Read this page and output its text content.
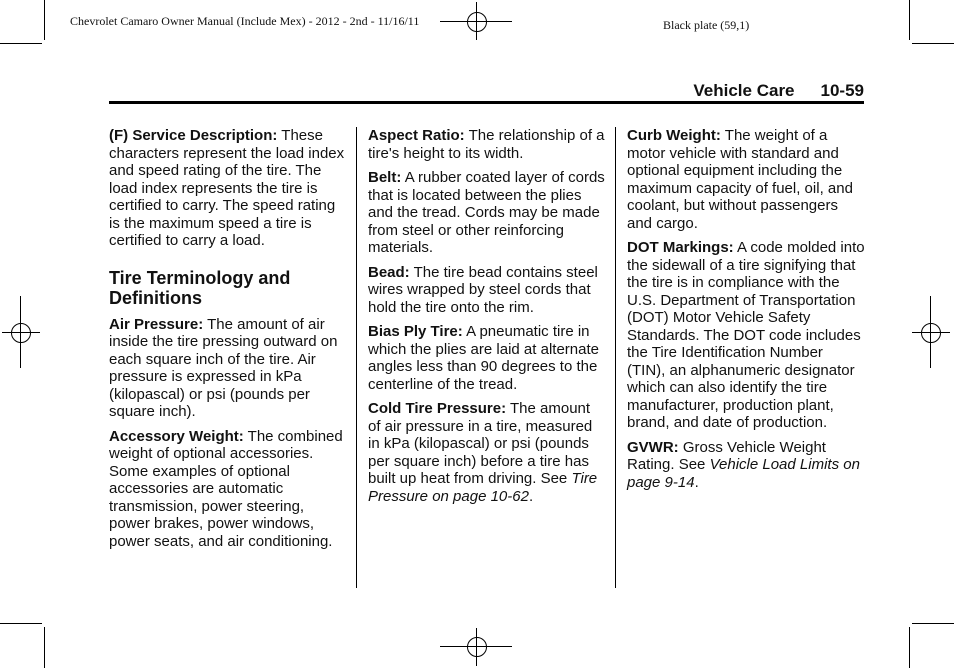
Chevrolet Camaro Owner Manual (Include Mex) - 2012 - 2nd - 11/16/11	Black plate (59,1)
Vehicle Care 10-59

(F) Service Description: These characters represent the load index and speed rating of the tire. The load index represents the tire is certified to carry. The speed rating is the maximum speed a tire is certified to carry a load.

Tire Terminology and Definitions

Air Pressure: The amount of air inside the tire pressing outward on each square inch of the tire. Air pressure is expressed in kPa (kilopascal) or psi (pounds per square inch).

Accessory Weight: The combined weight of optional accessories. Some examples of optional accessories are automatic transmission, power steering, power brakes, power windows, power seats, and air conditioning.

Aspect Ratio: The relationship of a tire's height to its width.

Belt: A rubber coated layer of cords that is located between the plies and the tread. Cords may be made from steel or other reinforcing materials.

Bead: The tire bead contains steel wires wrapped by steel cords that hold the tire onto the rim.

Bias Ply Tire: A pneumatic tire in which the plies are laid at alternate angles less than 90 degrees to the centerline of the tread.

Cold Tire Pressure: The amount of air pressure in a tire, measured in kPa (kilopascal) or psi (pounds per square inch) before a tire has built up heat from driving. See Tire Pressure on page 10-62.

Curb Weight: The weight of a motor vehicle with standard and optional equipment including the maximum capacity of fuel, oil, and coolant, but without passengers and cargo.

DOT Markings: A code molded into the sidewall of a tire signifying that the tire is in compliance with the U.S. Department of Transportation (DOT) Motor Vehicle Safety Standards. The DOT code includes the Tire Identification Number (TIN), an alphanumeric designator which can also identify the tire manufacturer, production plant, brand, and date of production.

GVWR: Gross Vehicle Weight Rating. See Vehicle Load Limits on page 9-14.
